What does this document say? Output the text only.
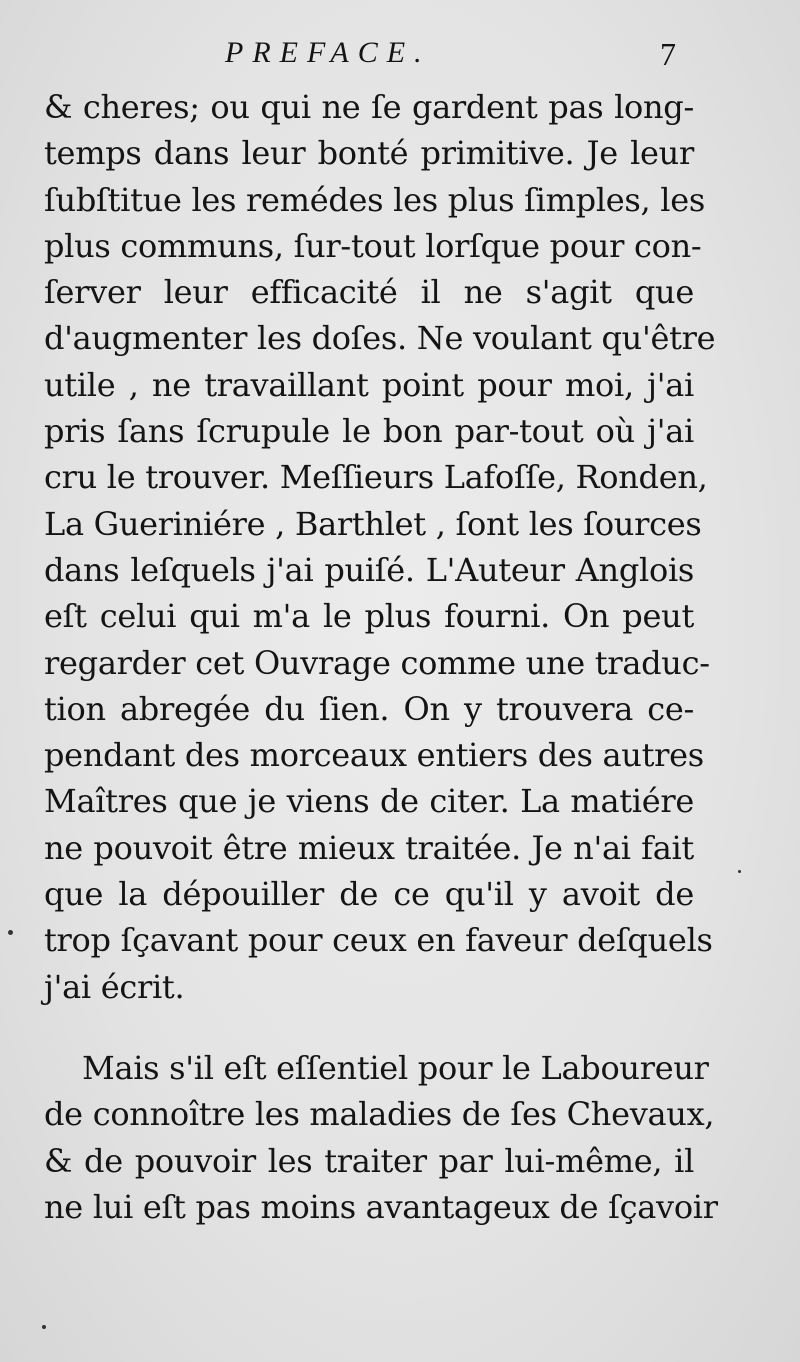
PREFACE.	7
& cheres; ou qui ne ſe gardent pas long-
temps dans leur bonté primitive. Je leur
ſubſtitue les remédes les plus ſimples, les
plus communs, ſur-tout lorſque pour con-
ſerver leur efficacité il ne s'agit que
d'augmenter les doſes. Ne voulant qu'être
utile , ne travaillant point pour moi, j'ai
pris ſans ſcrupule le bon par-tout où j'ai
cru le trouver. Meſſieurs Lafoſſe, Ronden,
La Gueriniére , Barthlet , ſont les ſources
dans leſquels j'ai puiſé. L'Auteur Anglois
eſt celui qui m'a le plus fourni. On peut
regarder cet Ouvrage comme une traduc-
tion abregée du ſien. On y trouvera ce-
pendant des morceaux entiers des autres
Maîtres que je viens de citer. La matiére
ne pouvoit être mieux traitée. Je n'ai fait
que la dépouiller de ce qu'il y avoit de
trop ſçavant pour ceux en faveur deſquels
j'ai écrit.
Mais s'il eſt eſſentiel pour le Laboureur
de connoître les maladies de ſes Chevaux,
& de pouvoir les traiter par lui-même, il
ne lui eſt pas moins avantageux de ſçavoir
